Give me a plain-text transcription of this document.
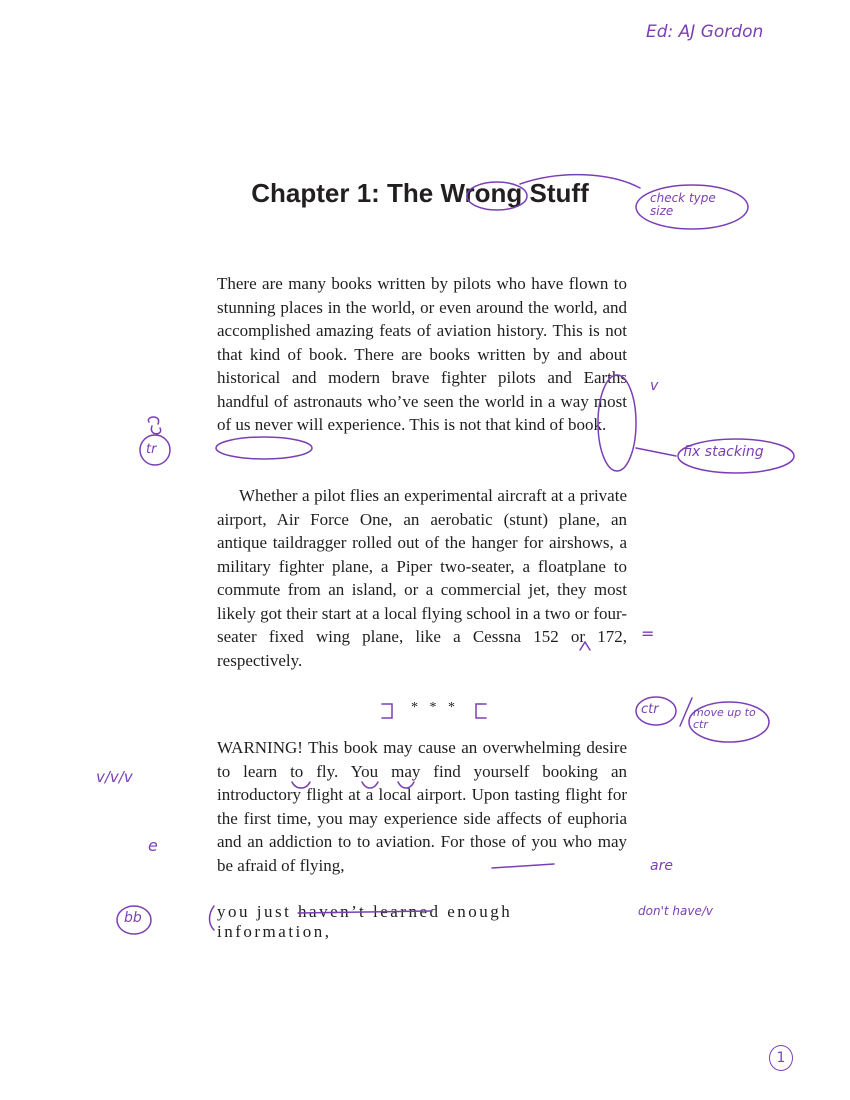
Chapter 1: The Wrong Stuff
There are many books written by pilots who have flown to stunning places in the world, or even around the world, and accomplished amazing feats of aviation history. This is not that kind of book. There are books written by and about historical and modern brave fighter pilots and Earths handful of astronauts who’ve seen the world in a way most of us never will experience. This is not that kind of book.
Whether a pilot flies an experimental aircraft at a private airport, Air Force One, an aerobatic (stunt) plane, an antique taildragger rolled out of the hanger for airshows, a military fighter plane, a Piper two-seater, a floatplane to commute from an island, or a commercial jet, they most likely got their start at a local flying school in a two or four-seater fixed wing plane, like a Cessna 152 or 172, respectively.
* * *
WARNING! This book may cause an overwhelming desire to learn to fly. You may find yourself booking an introductory flight at a local airport. Upon tasting flight for the first time, you may experience side affects of euphoria and an addiction to to aviation. For those of you who may be afraid of flying,
you just haven’t learned enough information,
Ed: AJ Gordon
check type size
fix stacking
tr
v
=
ctr	move up to ctr
v/v/v
e
are
bb	don't have/v
1
